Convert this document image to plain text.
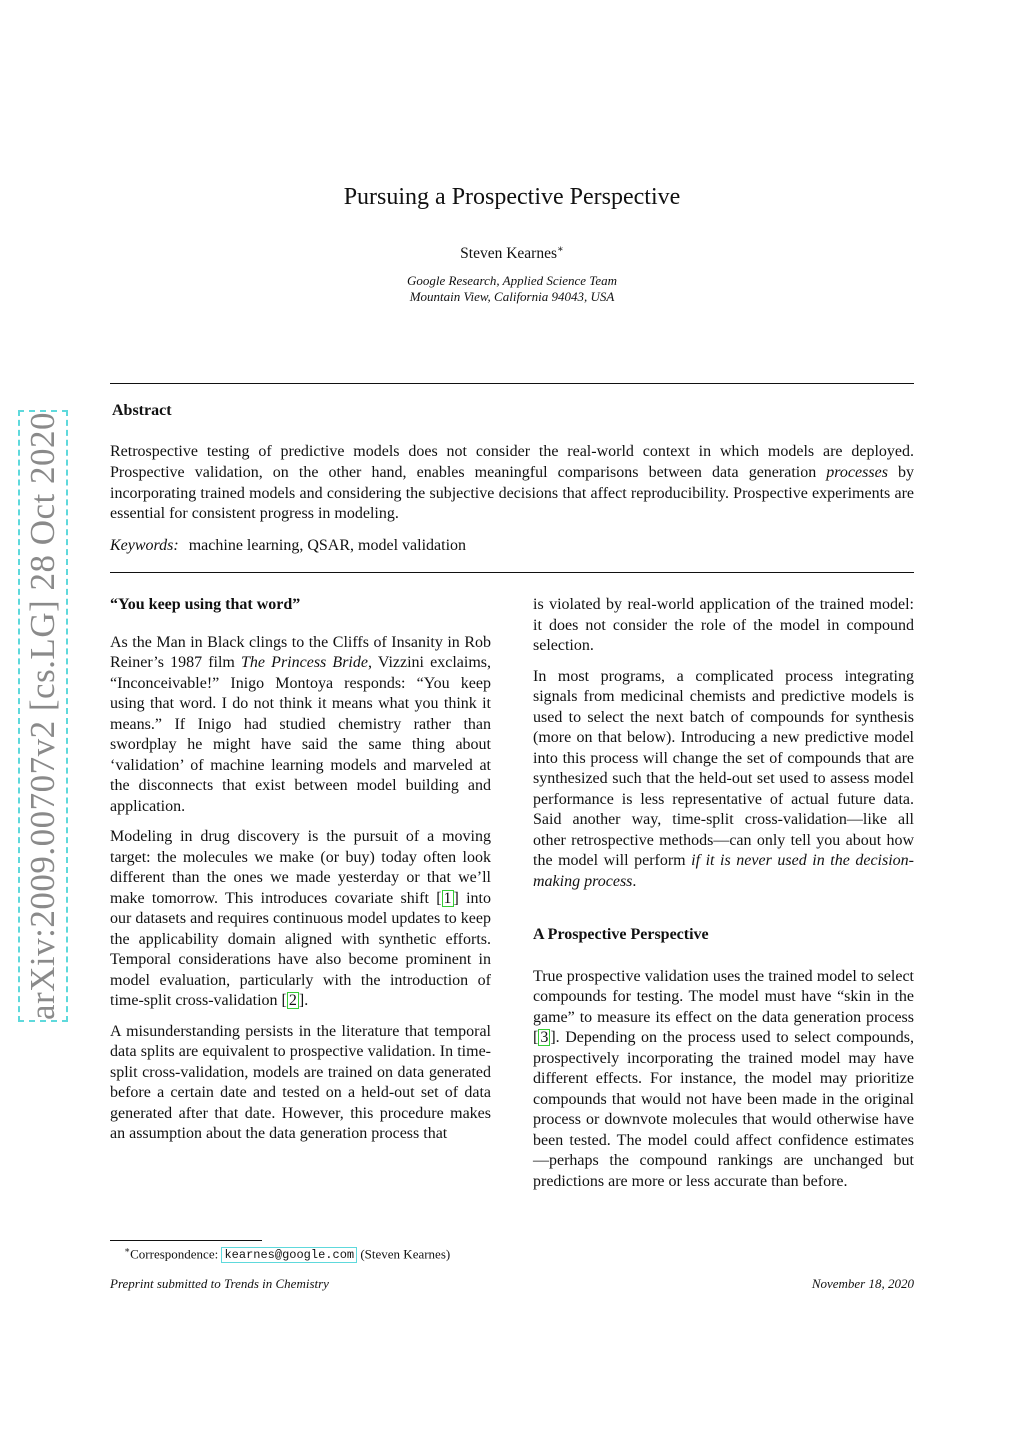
arXiv:2009.00707v2 [cs.LG] 28 Oct 2020
Pursuing a Prospective Perspective
Steven Kearnes∗
Google Research, Applied Science Team
Mountain View, California 94043, USA
Abstract

Retrospective testing of predictive models does not consider the real-world context in which models are deployed. Prospective validation, on the other hand, enables meaningful comparisons between data generation processes by incorporating trained models and considering the subjective decisions that affect reproducibility. Prospective experiments are essential for consistent progress in modeling.

Keywords: machine learning, QSAR, model validation
“You keep using that word”

As the Man in Black clings to the Cliffs of Insanity in Rob Reiner’s 1987 film The Princess Bride, Vizzini exclaims, “Inconceivable!” Inigo Montoya responds: “You keep using that word. I do not think it means what you think it means.” If Inigo had studied chemistry rather than swordplay he might have said the same thing about ‘validation’ of machine learning models and marveled at the disconnects that exist between model building and application.

Modeling in drug discovery is the pursuit of a moving target: the molecules we make (or buy) today often look different than the ones we made yesterday or that we’ll make tomorrow. This introduces covariate shift [ 1 ] into our datasets and requires continuous model updates to keep the applicability domain aligned with synthetic efforts. Temporal considerations have also become prominent in model evaluation, particularly with the introduction of time-split cross-validation [ 2 ].

A misunderstanding persists in the literature that temporal data splits are equivalent to prospective validation. In time-split cross-validation, models are trained on data generated before a certain date and tested on a held-out set of data generated after that date. However, this procedure makes an assumption about the data generation process that

is violated by real-world application of the trained model: it does not consider the role of the model in compound selection.

In most programs, a complicated process integrating signals from medicinal chemists and predictive models is used to select the next batch of compounds for synthesis (more on that below). Introducing a new predictive model into this process will change the set of compounds that are synthesized such that the held-out set used to assess model performance is less representative of actual future data. Said another way, time-split cross-validation—like all other retrospective methods—can only tell you about how the model will perform if it is never used in the decision-making process.

A Prospective Perspective

True prospective validation uses the trained model to select compounds for testing. The model must have “skin in the game” to measure its effect on the data generation process [ 3 ]. Depending on the process used to select compounds, prospectively incorporating the trained model may have different effects. For instance, the model may prioritize compounds that would not have been made in the original process or downvote molecules that would otherwise have been tested. The model could affect confidence estimates—perhaps the compound rankings are unchanged but predictions are more or less accurate than before.

∗Correspondence: kearnes@google.com (Steven Kearnes)
Preprint submitted to Trends in Chemistry	November 18, 2020
